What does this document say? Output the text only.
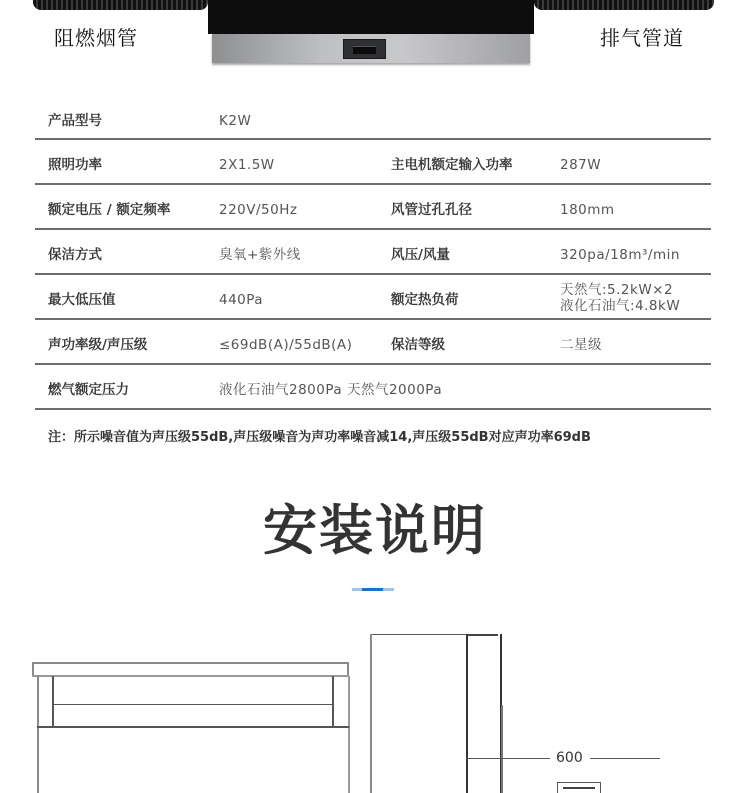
阻燃烟管	排气管道
产品型号	K2W
照明功率	2X1.5W	主电机额定输入功率	287W
额定电压 / 额定频率	220V/50Hz	风管过孔孔径	180mm
保洁方式	臭氧+紫外线	风压/风量	320pa/18m³/min
最大低压值	440Pa	额定热负荷
天然气:5.2kW×2
液化石油气:4.8kW
声功率级/声压级	≤69dB(A)/55dB(A)	保洁等级	二星级
燃气额定压力	液化石油气2800Pa 天然气2000Pa
注：所示噪音值为声压级55dB,声压级噪音为声功率噪音减14,声压级55dB对应声功率69dB
安装说明
600
